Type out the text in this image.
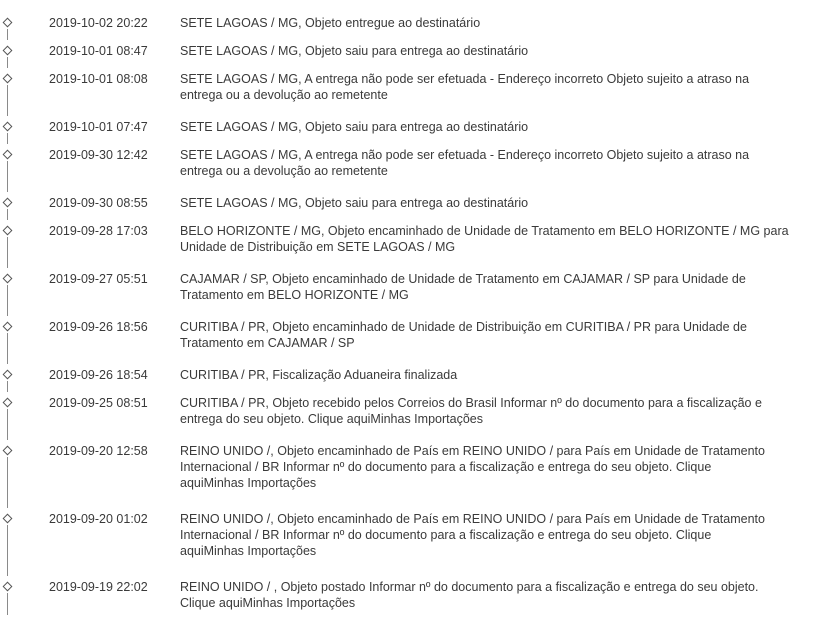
2019-10-02 20:22	SETE LAGOAS / MG, Objeto entregue ao destinatário
2019-10-01 08:47	SETE LAGOAS / MG, Objeto saiu para entrega ao destinatário
2019-10-01 08:08	SETE LAGOAS / MG, A entrega não pode ser efetuada - Endereço incorreto Objeto sujeito a atraso na
entrega ou a devolução ao remetente
2019-10-01 07:47	SETE LAGOAS / MG, Objeto saiu para entrega ao destinatário
2019-09-30 12:42	SETE LAGOAS / MG, A entrega não pode ser efetuada - Endereço incorreto Objeto sujeito a atraso na
entrega ou a devolução ao remetente
2019-09-30 08:55	SETE LAGOAS / MG, Objeto saiu para entrega ao destinatário
2019-09-28 17:03	BELO HORIZONTE / MG, Objeto encaminhado de Unidade de Tratamento em BELO HORIZONTE / MG para
Unidade de Distribuição em SETE LAGOAS / MG
2019-09-27 05:51	CAJAMAR / SP, Objeto encaminhado de Unidade de Tratamento em CAJAMAR / SP para Unidade de
Tratamento em BELO HORIZONTE / MG
2019-09-26 18:56	CURITIBA / PR, Objeto encaminhado de Unidade de Distribuição em CURITIBA / PR para Unidade de
Tratamento em CAJAMAR / SP
2019-09-26 18:54	CURITIBA / PR, Fiscalização Aduaneira finalizada
2019-09-25 08:51	CURITIBA / PR, Objeto recebido pelos Correios do Brasil Informar nº do documento para a fiscalização e
entrega do seu objeto. Clique aquiMinhas Importações
2019-09-20 12:58	REINO UNIDO /, Objeto encaminhado de País em REINO UNIDO / para País em Unidade de Tratamento
Internacional / BR Informar nº do documento para a fiscalização e entrega do seu objeto. Clique
aquiMinhas Importações
2019-09-20 01:02	REINO UNIDO /, Objeto encaminhado de País em REINO UNIDO / para País em Unidade de Tratamento
Internacional / BR Informar nº do documento para a fiscalização e entrega do seu objeto. Clique
aquiMinhas Importações
2019-09-19 22:02	REINO UNIDO / , Objeto postado Informar nº do documento para a fiscalização e entrega do seu objeto.
Clique aquiMinhas Importações
